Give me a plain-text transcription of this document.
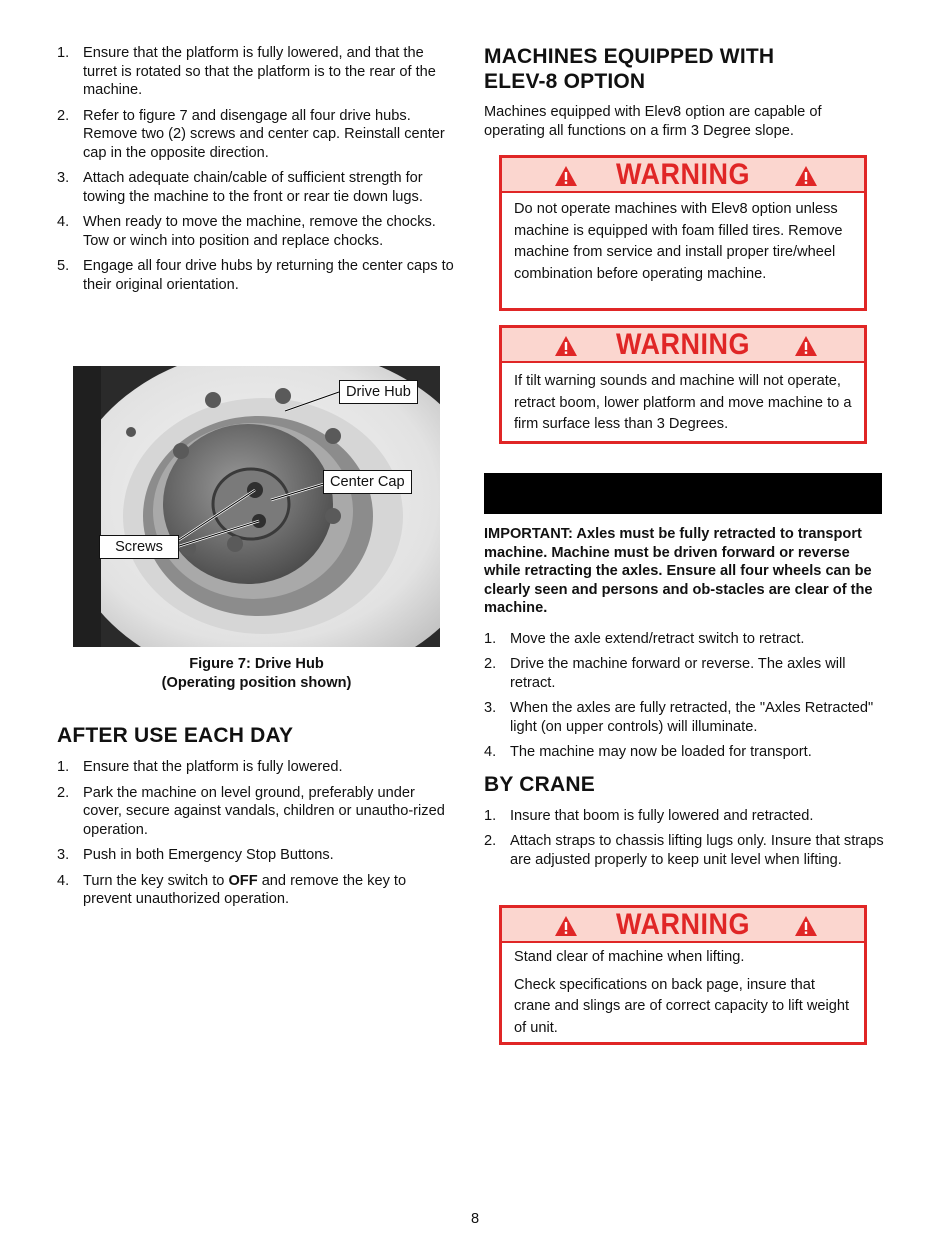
1. Ensure that the platform is fully lowered, and that the turret is rotated so that the platform is to the rear of the machine.
2. Refer to figure 7 and disengage all four drive hubs. Remove two (2) screws and center cap. Reinstall center cap in the opposite direction.
3. Attach adequate chain/cable of sufficient strength for towing the machine to the front or rear tie down lugs.
4. When ready to move the machine, remove the chocks. Tow or winch into position and replace chocks.
5. Engage all four drive hubs by returning the center caps to their original orientation.
Drive Hub
Center Cap
Screws
Figure 7: Drive Hub
(Operating position shown)
AFTER USE EACH DAY
1. Ensure that the platform is fully lowered.
2. Park the machine on level ground, preferably under cover, secure against vandals, children or unautho-rized operation.
3. Push in both Emergency Stop Buttons.
4. Turn the key switch to OFF and remove the key to prevent unauthorized operation.
MACHINES EQUIPPED WITH
ELEV-8 OPTION

Machines equipped with Elev8 option are capable of operating all functions on a firm 3 Degree slope.

WARNING

Do not operate machines with Elev8 option unless machine is equipped with foam filled tires. Remove machine from service and install proper tire/wheel combination before operating machine.

WARNING

If tilt warning sounds and machine will not operate, retract boom, lower platform and move machine to a firm surface less than 3 Degrees.

IMPORTANT: Axles must be fully retracted to transport machine. Machine must be driven forward or reverse while retracting the axles. Ensure all four wheels can be clearly seen and persons and ob-stacles are clear of the machine.

1. Move the axle extend/retract switch to retract.
2. Drive the machine forward or reverse. The axles will retract.
3. When the axles are fully retracted, the "Axles Retracted" light (on upper controls) will illuminate.
4. The machine may now be loaded for transport.
BY CRANE
1. Insure that boom is fully lowered and retracted.
2. Attach straps to chassis lifting lugs only. Insure that straps are adjusted properly to keep unit level when lifting.
WARNING

Stand clear of machine when lifting.

Check specifications on back page, insure that crane and slings are of correct capacity to lift weight of unit.

8
